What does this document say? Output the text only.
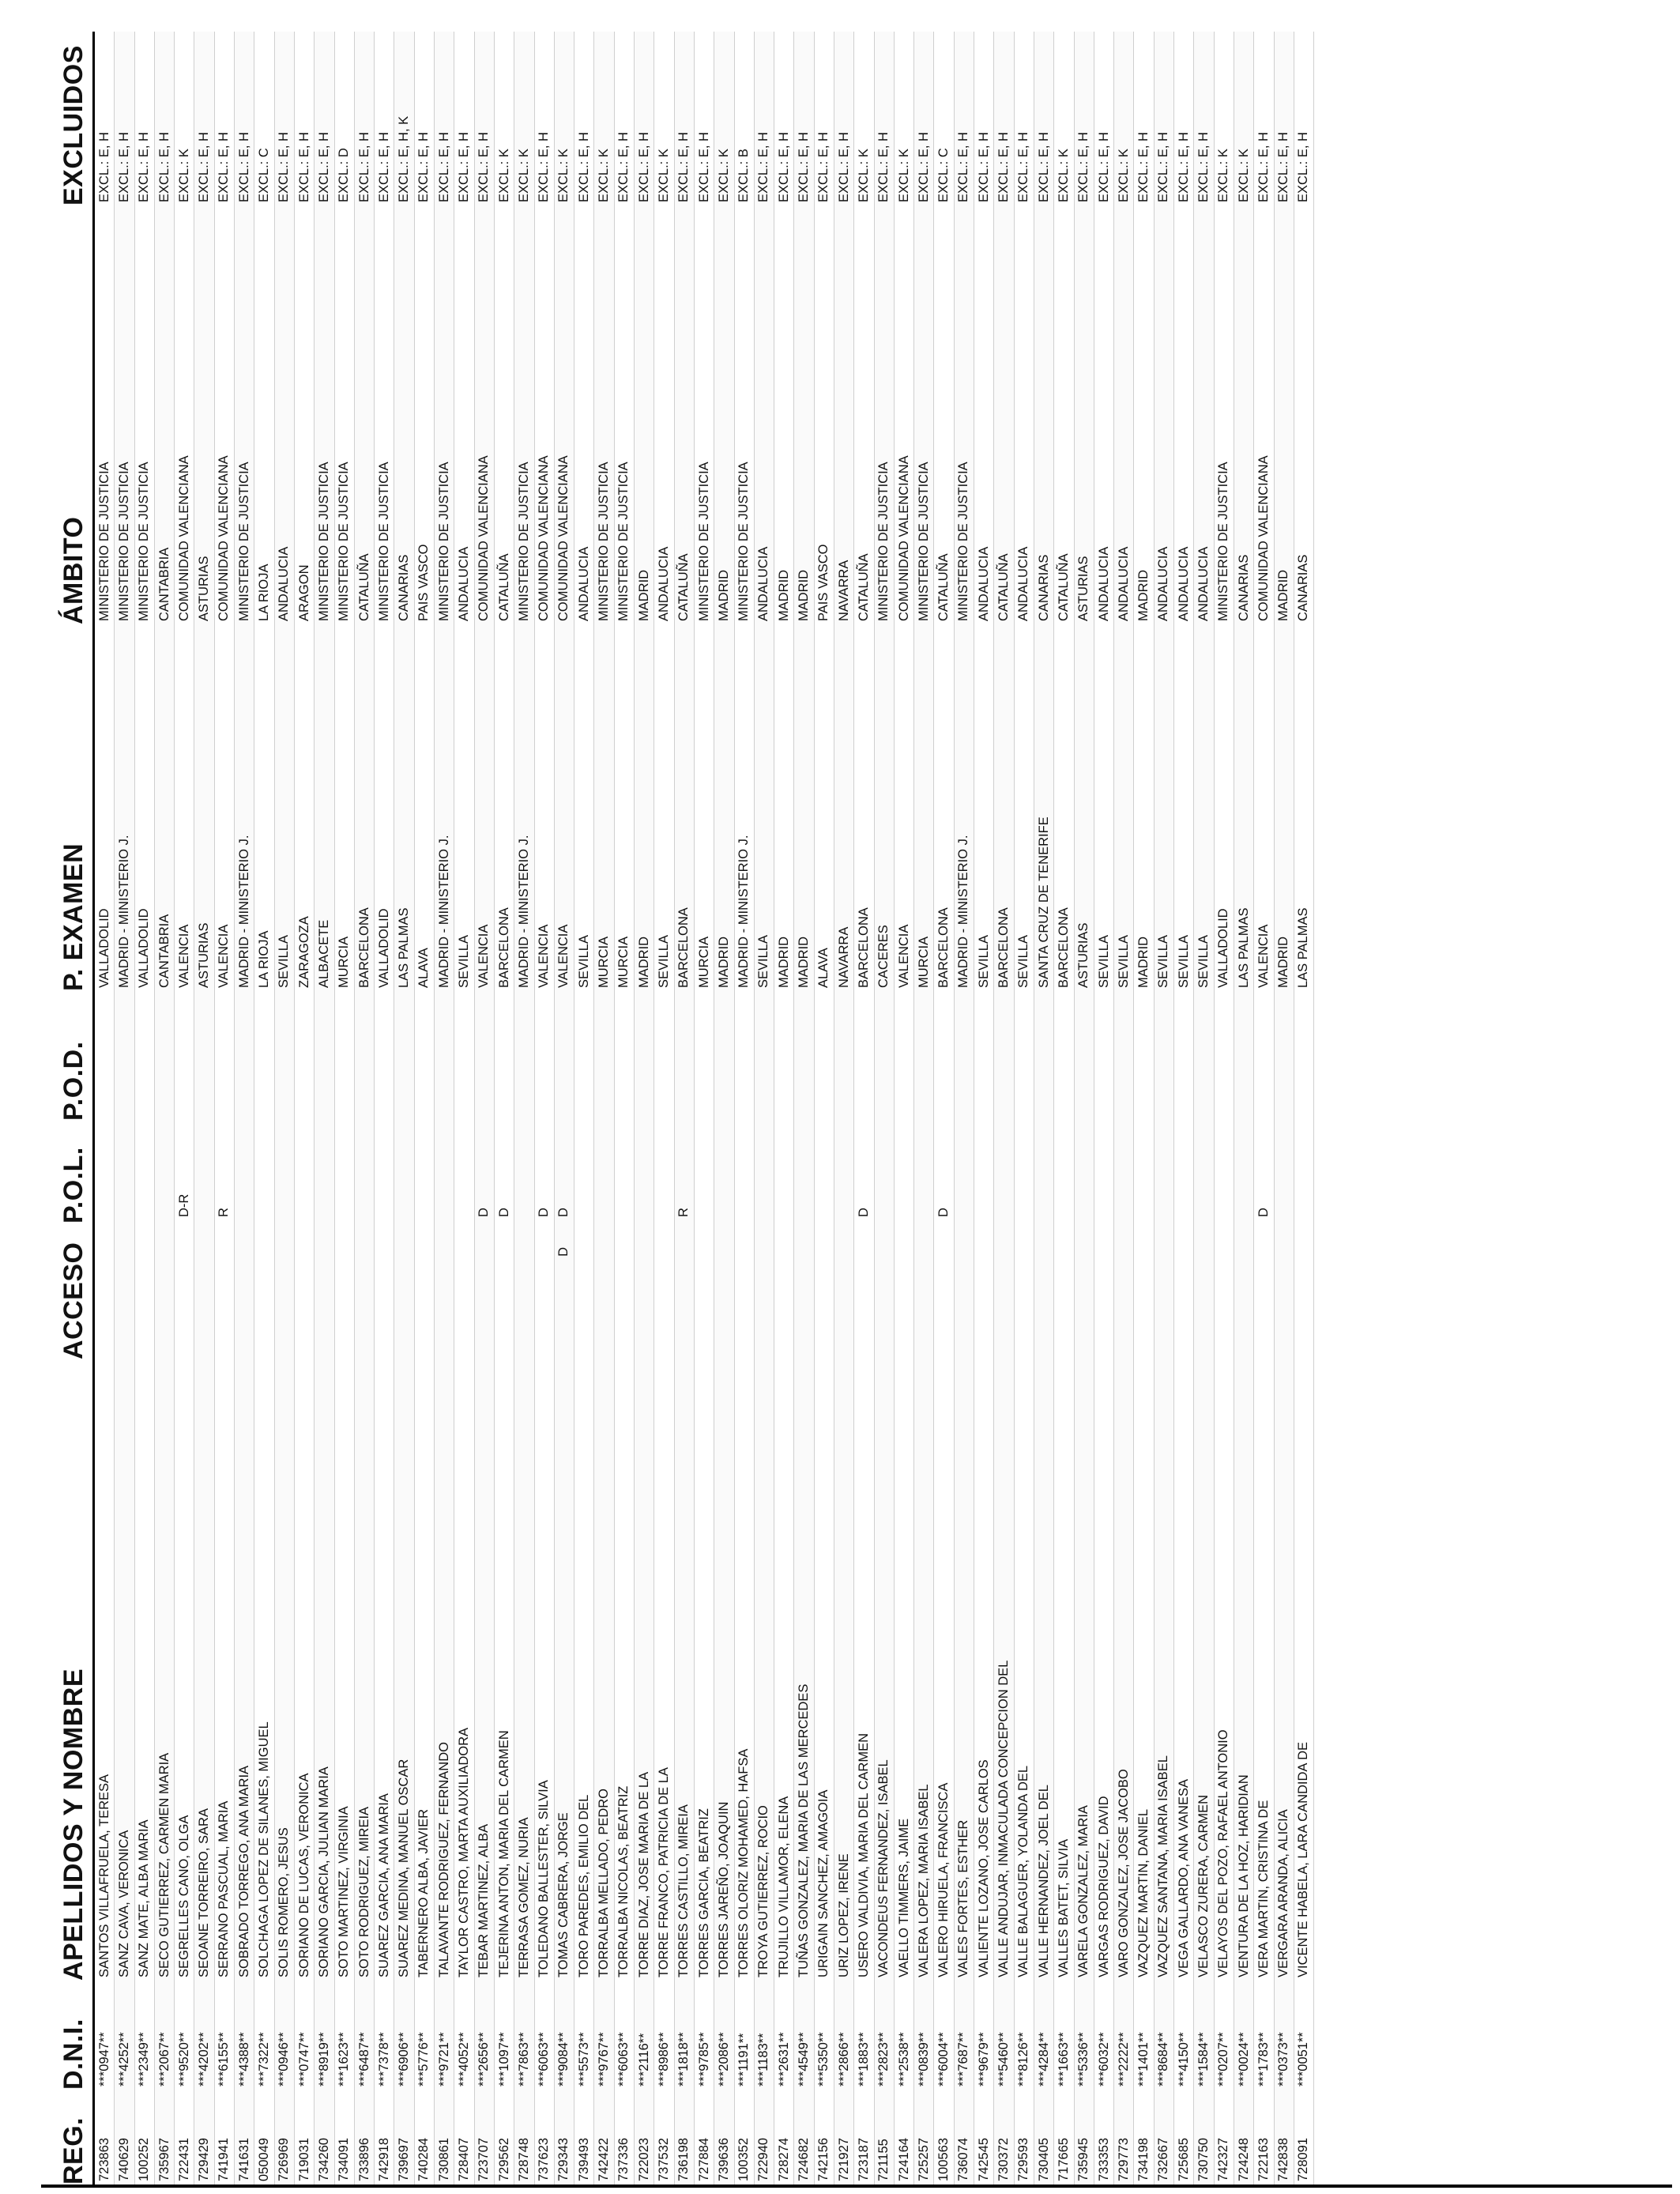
REG.
D.N.I.
APELLIDOS Y NOMBRE
ACCESO
P.O.L.
P.O.D.
P. EXAMEN
ÁMBITO
EXCLUIDOS
723863
***0947**
SANTOS VILLAFRUELA, TERESA
VALLADOLID
MINISTERIO DE JUSTICIA
EXCL.: E, H
740629
***4252**
SANZ CAVA, VERONICA
MADRID - MINISTERIO J.
MINISTERIO DE JUSTICIA
EXCL.: E, H
100252
***2349**
SANZ MATE, ALBA MARIA
VALLADOLID
MINISTERIO DE JUSTICIA
EXCL.: E, H
735967
***2067**
SECO GUTIERREZ, CARMEN MARIA
CANTABRIA
CANTABRIA
EXCL.: E, H
722431
***9520**
SEGRELLES CANO, OLGA
D-R
VALENCIA
COMUNIDAD VALENCIANA
EXCL.: K
729429
***4202**
SEOANE TORREIRO, SARA
ASTURIAS
ASTURIAS
EXCL.: E, H
741941
***6155**
SERRANO PASCUAL, MARIA
R
VALENCIA
COMUNIDAD VALENCIANA
EXCL.: E, H
741631
***4388**
SOBRADO TORREGO, ANA MARIA
MADRID - MINISTERIO J.
MINISTERIO DE JUSTICIA
EXCL.: E, H
050049
***7322**
SOLCHAGA LOPEZ DE SILANES, MIGUEL
LA RIOJA
LA RIOJA
EXCL.: C
726969
***0946**
SOLIS ROMERO, JESUS
SEVILLA
ANDALUCIA
EXCL.: E, H
719031
***0747**
SORIANO DE LUCAS, VERONICA
ZARAGOZA
ARAGON
EXCL.: E, H
734260
***8919**
SORIANO GARCIA, JULIAN MARIA
ALBACETE
MINISTERIO DE JUSTICIA
EXCL.: E, H
734091
***1623**
SOTO MARTINEZ, VIRGINIA
MURCIA
MINISTERIO DE JUSTICIA
EXCL.: D
733896
***6487**
SOTO RODRIGUEZ, MIREIA
BARCELONA
CATALUÑA
EXCL.: E, H
742918
***7378**
SUAREZ GARCIA, ANA MARIA
VALLADOLID
MINISTERIO DE JUSTICIA
EXCL.: E, H
739697
***6906**
SUAREZ MEDINA, MANUEL OSCAR
LAS PALMAS
CANARIAS
EXCL.: E, H, K
740284
***5776**
TABERNERO ALBA, JAVIER
ALAVA
PAIS VASCO
EXCL.: E, H
730861
***9721**
TALAVANTE RODRIGUEZ, FERNANDO
MADRID - MINISTERIO J.
MINISTERIO DE JUSTICIA
EXCL.: E, H
728407
***4052**
TAYLOR CASTRO, MARTA AUXILIADORA
SEVILLA
ANDALUCIA
EXCL.: E, H
723707
***2656**
TEBAR MARTINEZ, ALBA
D
VALENCIA
COMUNIDAD VALENCIANA
EXCL.: E, H
729562
***1097**
TEJERINA ANTON, MARIA DEL CARMEN
D
BARCELONA
CATALUÑA
EXCL.: K
728748
***7863**
TERRASA GOMEZ, NURIA
MADRID - MINISTERIO J.
MINISTERIO DE JUSTICIA
EXCL.: K
737623
***6063**
TOLEDANO BALLESTER, SILVIA
D
VALENCIA
COMUNIDAD VALENCIANA
EXCL.: E, H
729343
***9084**
TOMAS CABRERA, JORGE
D
D
VALENCIA
COMUNIDAD VALENCIANA
EXCL.: K
739493
***5573**
TORO PAREDES, EMILIO DEL
SEVILLA
ANDALUCIA
EXCL.: E, H
742422
***9767**
TORRALBA MELLADO, PEDRO
MURCIA
MINISTERIO DE JUSTICIA
EXCL.: K
737336
***6063**
TORRALBA NICOLAS, BEATRIZ
MURCIA
MINISTERIO DE JUSTICIA
EXCL.: E, H
722023
***2116**
TORRE DIAZ, JOSE MARIA DE LA
MADRID
MADRID
EXCL.: E, H
737532
***8986**
TORRE FRANCO, PATRICIA DE LA
SEVILLA
ANDALUCIA
EXCL.: K
736198
***1818**
TORRES CASTILLO, MIREIA
R
BARCELONA
CATALUÑA
EXCL.: E, H
727884
***9785**
TORRES GARCIA, BEATRIZ
MURCIA
MINISTERIO DE JUSTICIA
EXCL.: E, H
739636
***2086**
TORRES JAREÑO, JOAQUIN
MADRID
MADRID
EXCL.: K
100352
***1191**
TORRES OLORIZ MOHAMED, HAFSA
MADRID - MINISTERIO J.
MINISTERIO DE JUSTICIA
EXCL.: B
722940
***1183**
TROYA GUTIERREZ, ROCIO
SEVILLA
ANDALUCIA
EXCL.: E, H
728274
***2631**
TRUJILLO VILLAMOR, ELENA
MADRID
MADRID
EXCL.: E, H
724682
***4549**
TUÑAS GONZALEZ, MARIA DE LAS MERCEDES
MADRID
MADRID
EXCL.: E, H
742156
***5350**
URIGAIN SANCHEZ, AMAGOIA
ALAVA
PAIS VASCO
EXCL.: E, H
721927
***2866**
URIZ LOPEZ, IRENE
NAVARRA
NAVARRA
EXCL.: E, H
723187
***1883**
USERO VALDIVIA, MARIA DEL CARMEN
D
BARCELONA
CATALUÑA
EXCL.: K
721155
***2823**
VACONDEUS FERNANDEZ, ISABEL
CACERES
MINISTERIO DE JUSTICIA
EXCL.: E, H
724164
***2538**
VAELLO TIMMERS, JAIME
VALENCIA
COMUNIDAD VALENCIANA
EXCL.: K
725257
***0839**
VALERA LOPEZ, MARIA ISABEL
MURCIA
MINISTERIO DE JUSTICIA
EXCL.: E, H
100563
***6004**
VALERO HIRUELA, FRANCISCA
D
BARCELONA
CATALUÑA
EXCL.: C
736074
***7687**
VALES FORTES, ESTHER
MADRID - MINISTERIO J.
MINISTERIO DE JUSTICIA
EXCL.: E, H
742545
***9679**
VALIENTE LOZANO, JOSE CARLOS
SEVILLA
ANDALUCIA
EXCL.: E, H
730372
***5460**
VALLE ANDUJAR, INMACULADA CONCEPCION DEL
BARCELONA
CATALUÑA
EXCL.: E, H
729593
***8126**
VALLE BALAGUER, YOLANDA DEL
SEVILLA
ANDALUCIA
EXCL.: E, H
730405
***4284**
VALLE HERNANDEZ, JOEL DEL
SANTA CRUZ DE TENERIFE
CANARIAS
EXCL.: E, H
717665
***1663**
VALLES BATET, SILVIA
BARCELONA
CATALUÑA
EXCL.: K
735945
***5336**
VARELA GONZALEZ, MARIA
ASTURIAS
ASTURIAS
EXCL.: E, H
733353
***6032**
VARGAS RODRIGUEZ, DAVID
SEVILLA
ANDALUCIA
EXCL.: E, H
729773
***2222**
VARO GONZALEZ, JOSE JACOBO
SEVILLA
ANDALUCIA
EXCL.: K
734198
***1401**
VAZQUEZ MARTIN, DANIEL
MADRID
MADRID
EXCL.: E, H
732667
***8684**
VAZQUEZ SANTANA, MARIA ISABEL
SEVILLA
ANDALUCIA
EXCL.: E, H
725685
***4150**
VEGA GALLARDO, ANA VANESA
SEVILLA
ANDALUCIA
EXCL.: E, H
730750
***1584**
VELASCO ZURERA, CARMEN
SEVILLA
ANDALUCIA
EXCL.: E, H
742327
***0207**
VELAYOS DEL POZO, RAFAEL ANTONIO
VALLADOLID
MINISTERIO DE JUSTICIA
EXCL.: K
724248
***0024**
VENTURA DE LA HOZ, HARIDIAN
LAS PALMAS
CANARIAS
EXCL.: K
722163
***1783**
VERA MARTIN, CRISTINA DE
D
VALENCIA
COMUNIDAD VALENCIANA
EXCL.: E, H
742838
***0373**
VERGARA ARANDA, ALICIA
MADRID
MADRID
EXCL.: E, H
728091
***0051**
VICENTE HABELA, LARA CANDIDA DE
LAS PALMAS
CANARIAS
EXCL.: E, H
